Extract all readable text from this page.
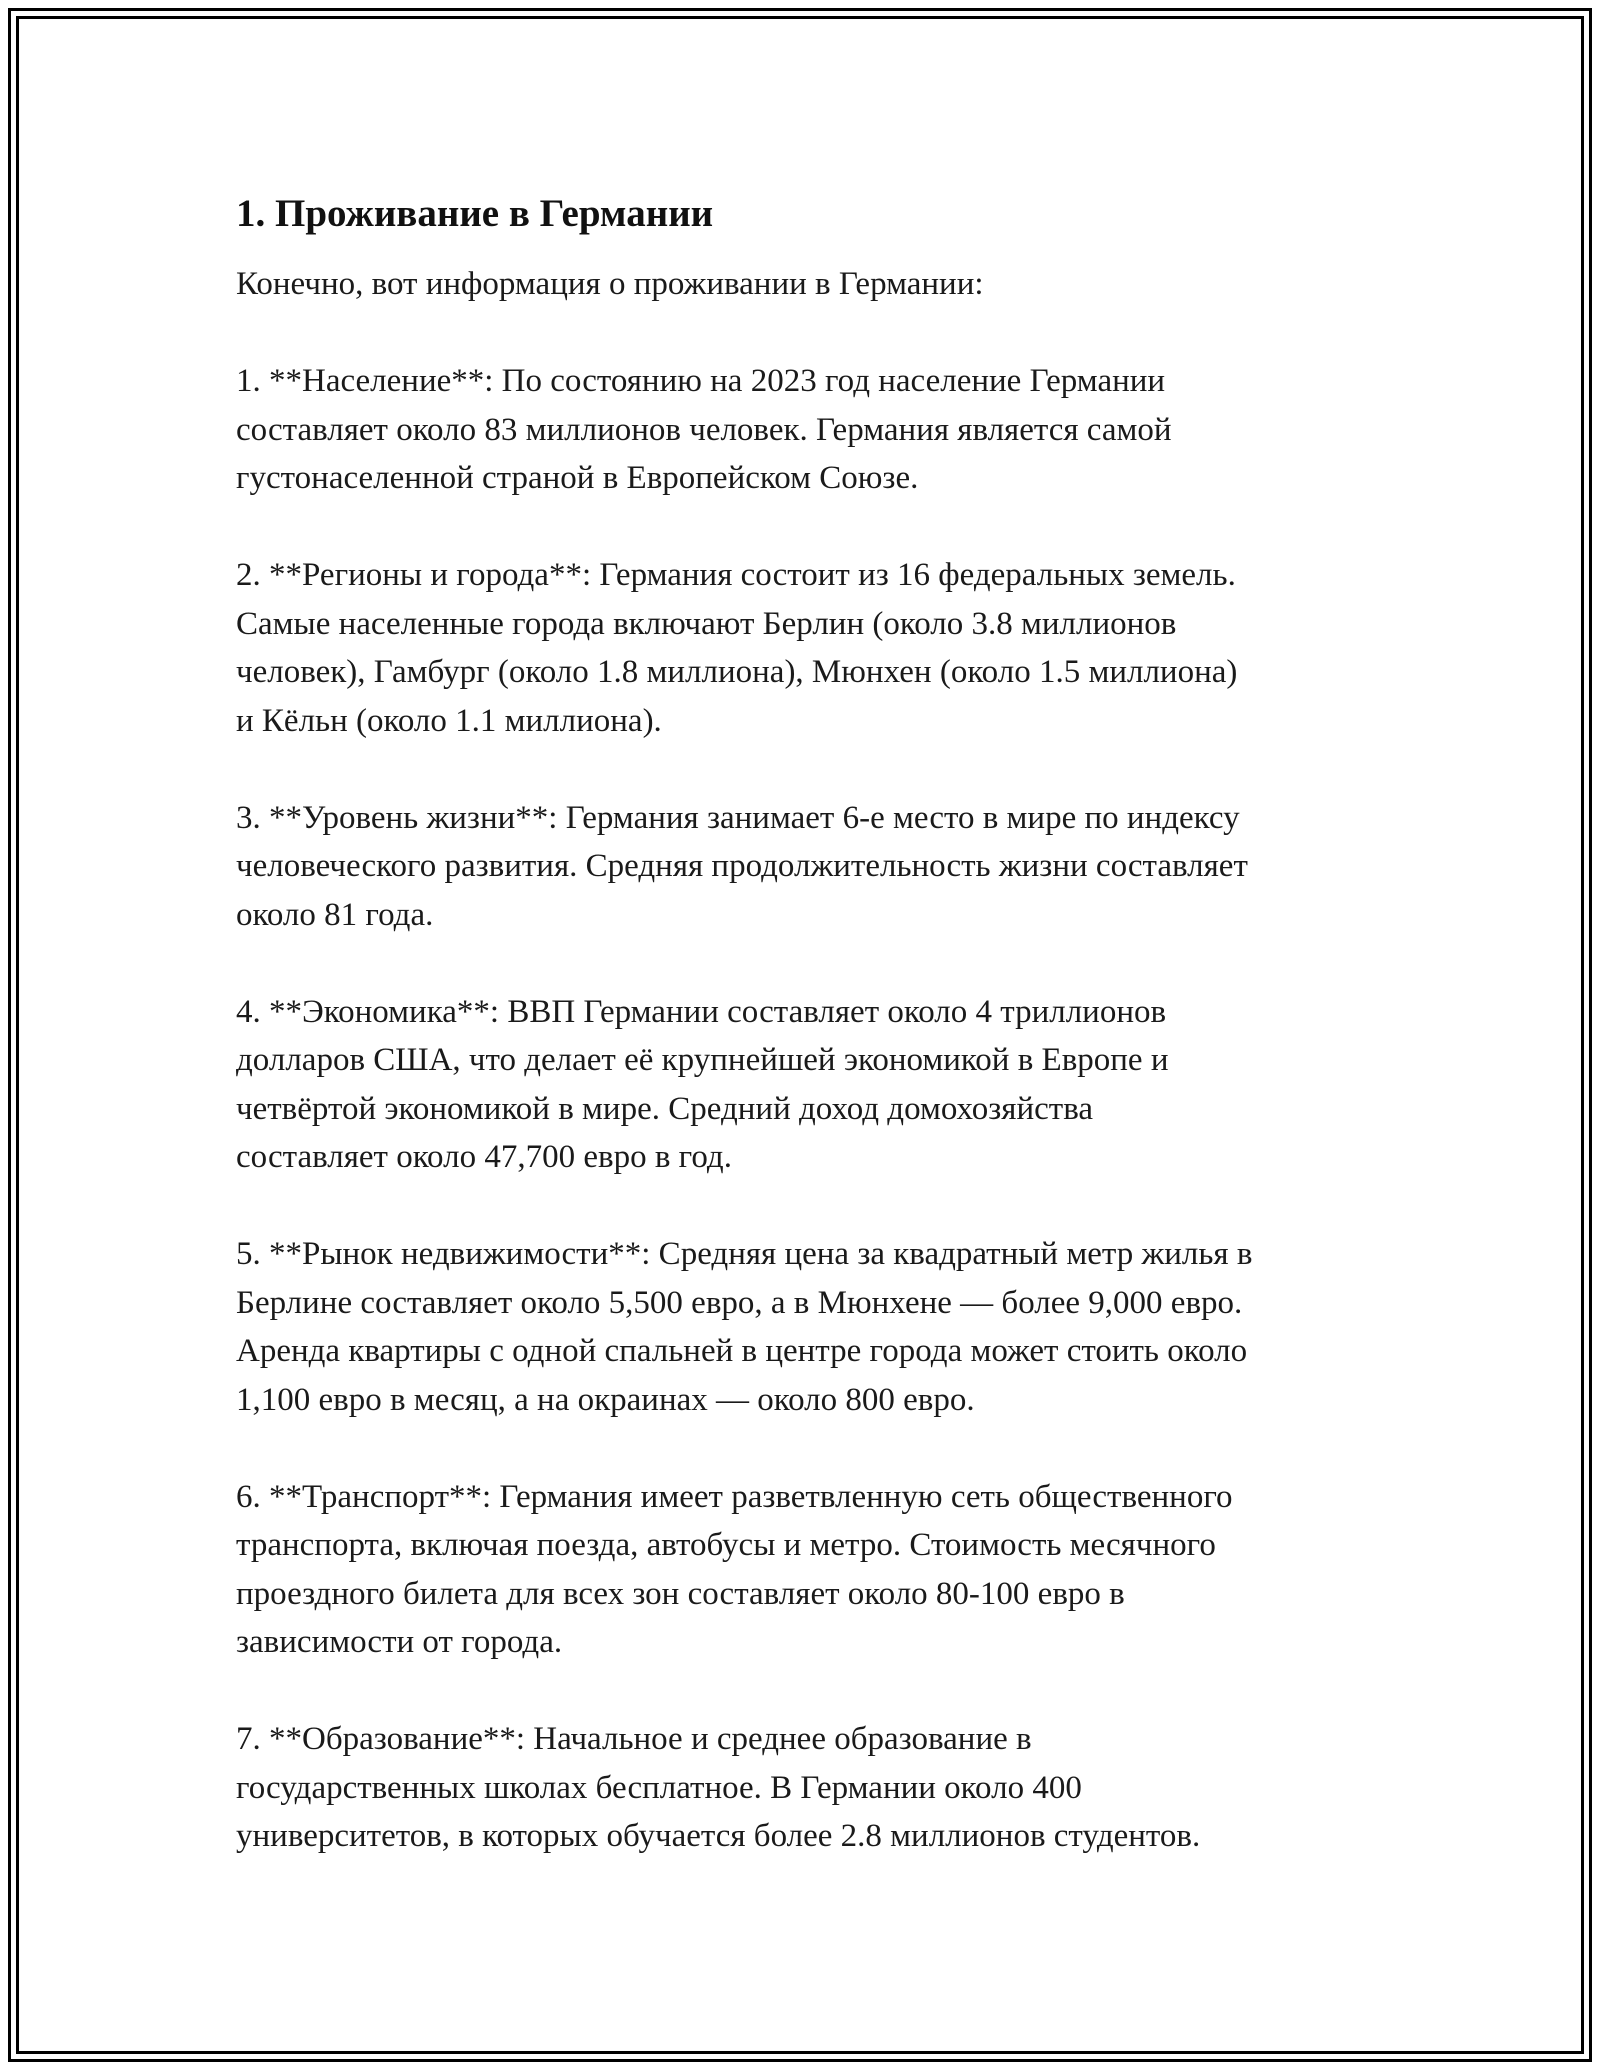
1. Проживание в Германии

Конечно, вот информация о проживании в Германии:

1. **Население**: По состоянию на 2023 год население Германии
составляет около 83 миллионов человек. Германия является самой
густонаселенной страной в Европейском Союзе.

2. **Регионы и города**: Германия состоит из 16 федеральных земель.
Самые населенные города включают Берлин (около 3.8 миллионов
человек), Гамбург (около 1.8 миллиона), Мюнхен (около 1.5 миллиона)
и Кёльн (около 1.1 миллиона).

3. **Уровень жизни**: Германия занимает 6-е место в мире по индексу
человеческого развития. Средняя продолжительность жизни составляет
около 81 года.

4. **Экономика**: ВВП Германии составляет около 4 триллионов
долларов США, что делает её крупнейшей экономикой в Европе и
четвёртой экономикой в мире. Средний доход домохозяйства
составляет около 47,700 евро в год.

5. **Рынок недвижимости**: Средняя цена за квадратный метр жилья в
Берлине составляет около 5,500 евро, а в Мюнхене — более 9,000 евро.
Аренда квартиры с одной спальней в центре города может стоить около
1,100 евро в месяц, а на окраинах — около 800 евро.

6. **Транспорт**: Германия имеет разветвленную сеть общественного
транспорта, включая поезда, автобусы и метро. Стоимость месячного
проездного билета для всех зон составляет около 80-100 евро в
зависимости от города.

7. **Образование**: Начальное и среднее образование в
государственных школах бесплатное. В Германии около 400
университетов, в которых обучается более 2.8 миллионов студентов.
